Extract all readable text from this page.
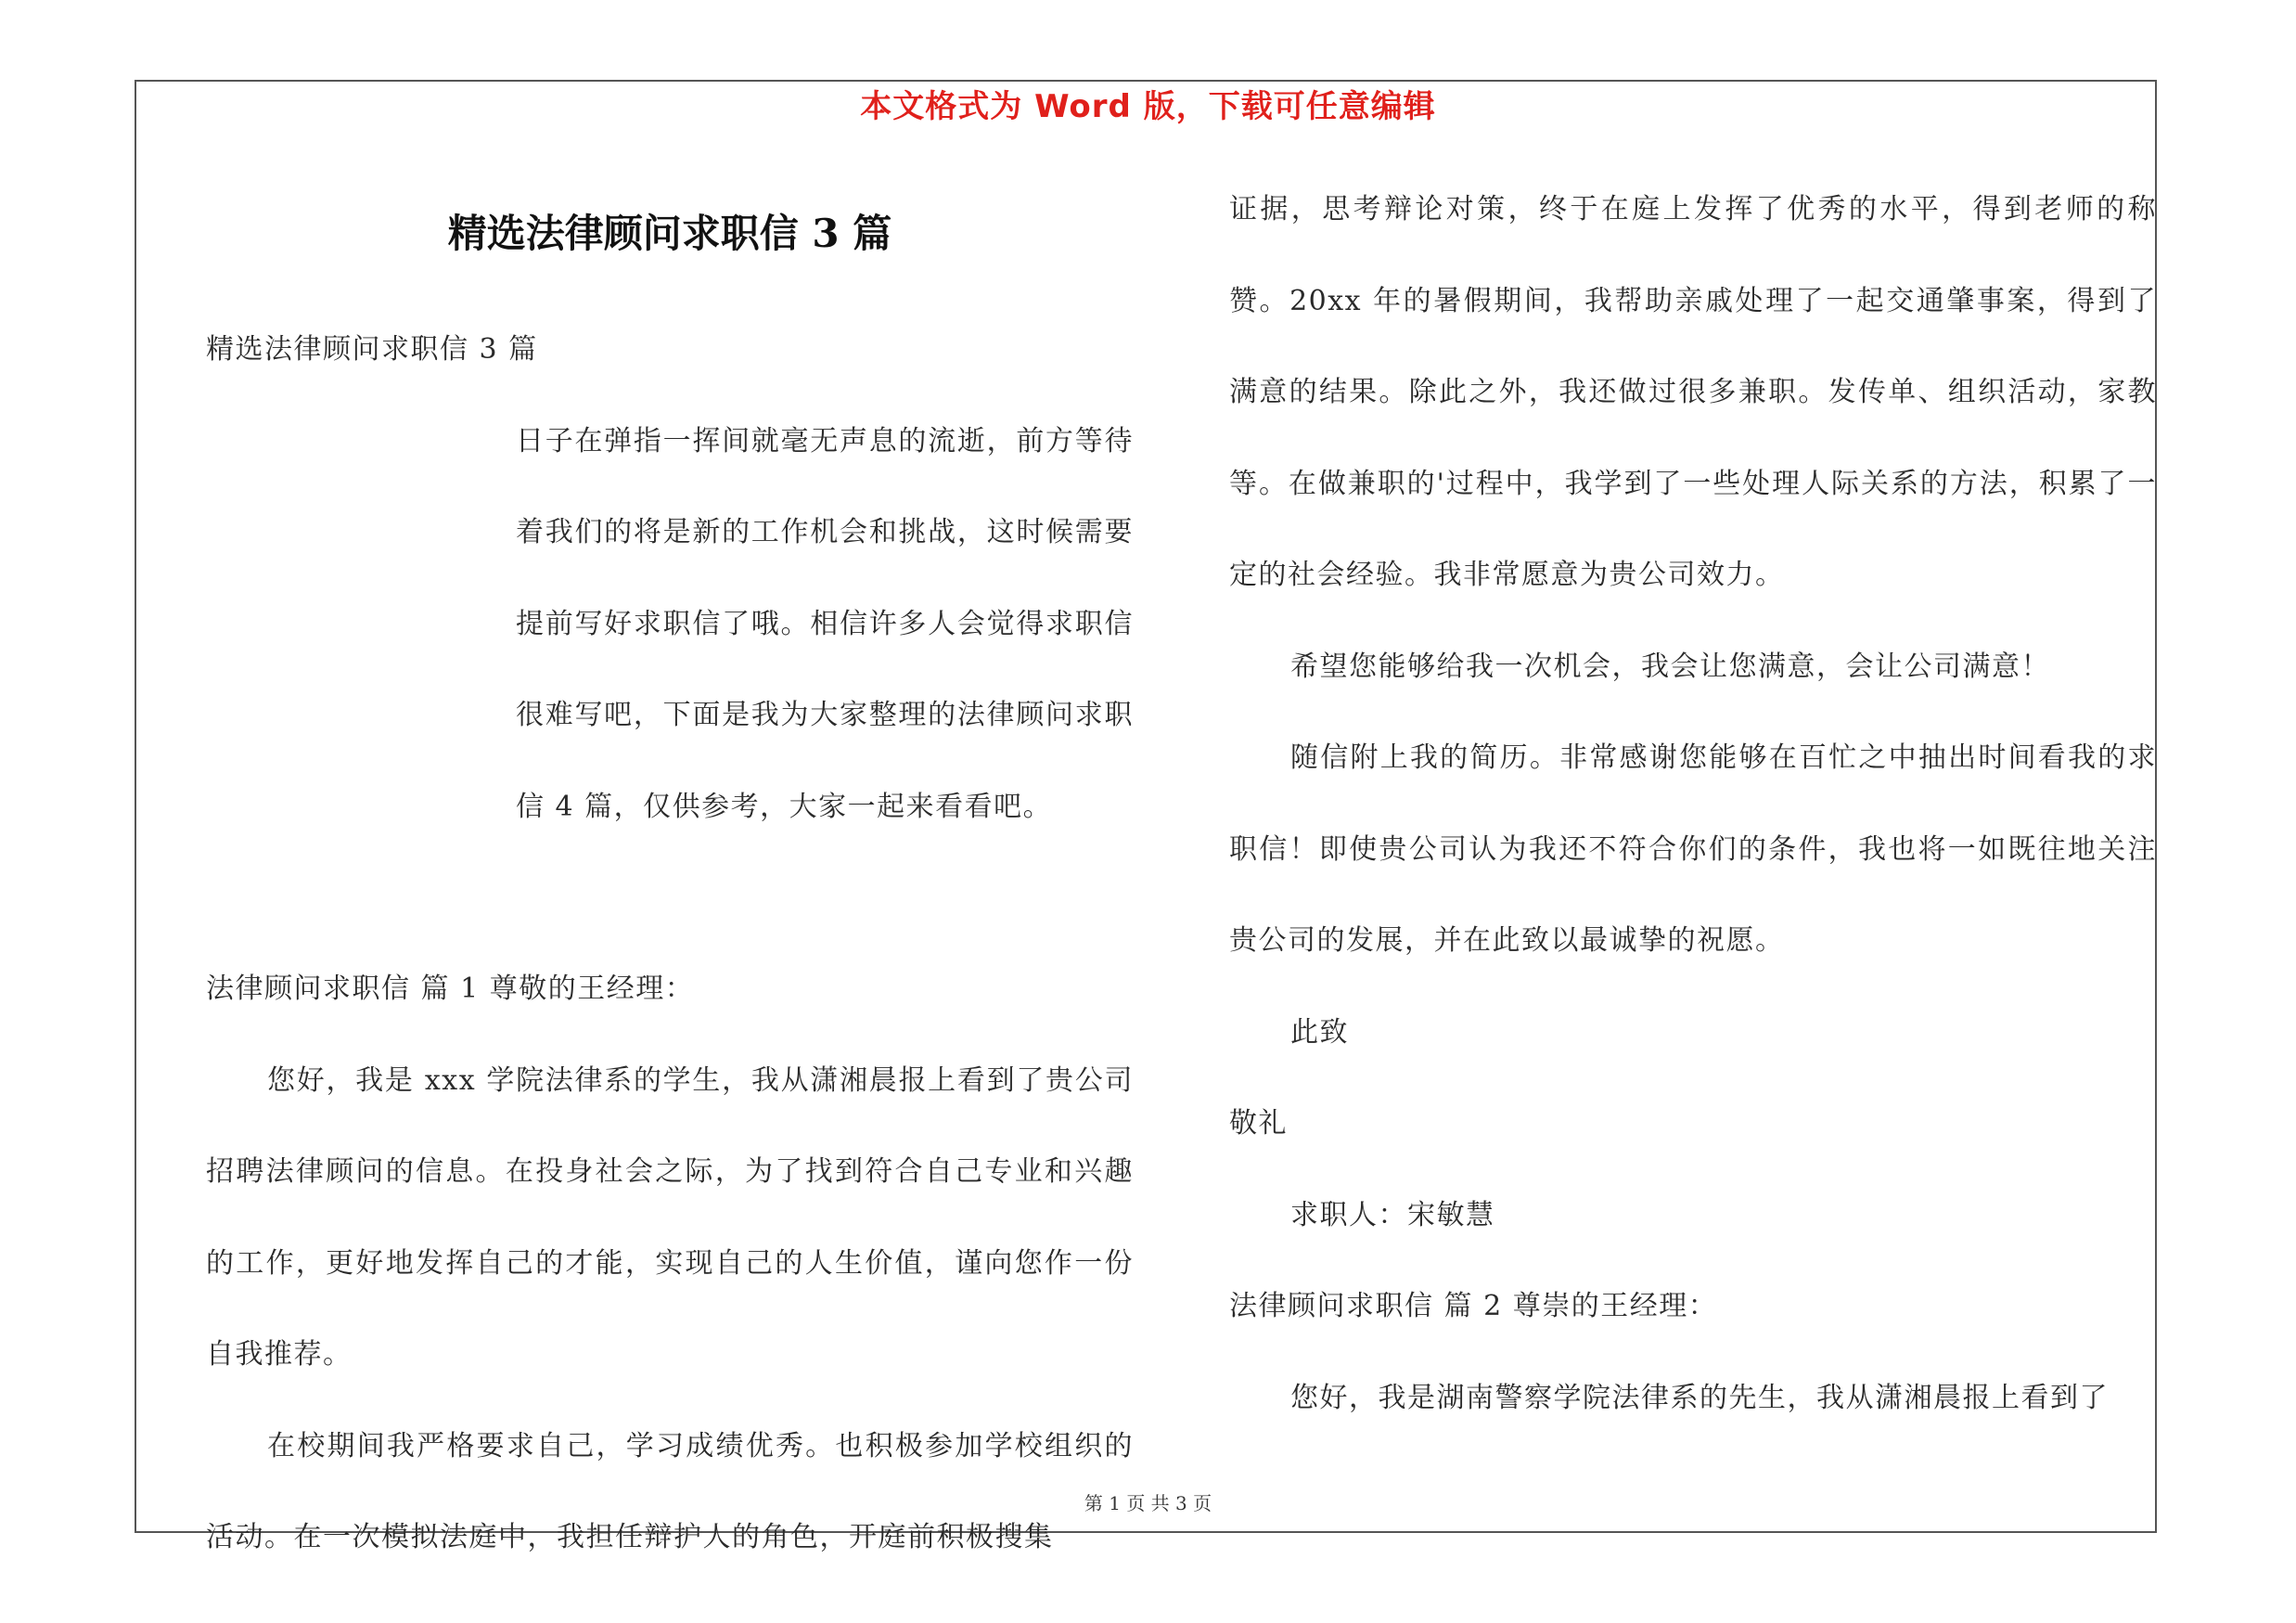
本文格式为 Word 版，下载可任意编辑
精选法律顾问求职信 3 篇

精选法律顾问求职信 3 篇

日子在弹指一挥间就毫无声息的流逝，前方等待着我们的将是新的工作机会和挑战，这时候需要提前写好求职信了哦。相信许多人会觉得求职信很难写吧，下面是我为大家整理的法律顾问求职信 4 篇，仅供参考，大家一起来看看吧。

法律顾问求职信 篇 1 尊敬的王经理：

您好，我是 xxx 学院法律系的学生，我从潇湘晨报上看到了贵公司招聘法律顾问的信息。在投身社会之际，为了找到符合自己专业和兴趣的工作，更好地发挥自己的才能，实现自己的人生价值，谨向您作一份自我推荐。

在校期间我严格要求自己，学习成绩优秀。也积极参加学校组织的活动。在一次模拟法庭中，我担任辩护人的角色，开庭前积极搜集

证据，思考辩论对策，终于在庭上发挥了优秀的水平，得到老师的称赞。20xx 年的暑假期间，我帮助亲戚处理了一起交通肇事案，得到了满意的结果。除此之外，我还做过很多兼职。发传单、组织活动，家教等。在做兼职的'过程中，我学到了一些处理人际关系的方法，积累了一定的社会经验。我非常愿意为贵公司效力。

希望您能够给我一次机会，我会让您满意，会让公司满意！

随信附上我的简历。非常感谢您能够在百忙之中抽出时间看我的求职信！即使贵公司认为我还不符合你们的条件，我也将一如既往地关注贵公司的发展，并在此致以最诚挚的祝愿。

此致

敬礼

求职人：宋敏慧

法律顾问求职信 篇 2 尊崇的王经理：

您好，我是湖南警察学院法律系的先生，我从潇湘晨报上看到了

第 1 页 共 3 页
